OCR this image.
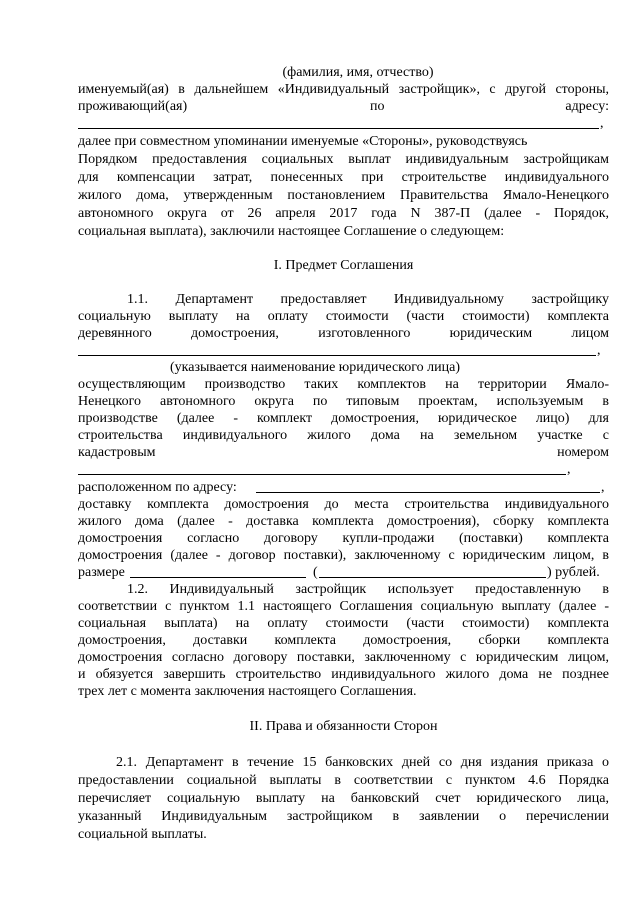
(фамилия, имя, отчество)
именуемый(ая) в дальнейшем «Индивидуальный застройщик», с другой стороны,
проживающий(ая)	по	адресу:
,
далее при совместном упоминании именуемые «Стороны», руководствуясь
Порядком предоставления социальных выплат индивидуальным застройщикам
для компенсации затрат, понесенных при строительстве индивидуального
жилого дома, утвержденным постановлением Правительства Ямало-Ненецкого
автономного округа от 26 апреля 2017 года N 387-П (далее - Порядок,
социальная выплата), заключили настоящее Соглашение о следующем:
I. Предмет Соглашения
1.1. Департамент предоставляет Индивидуальному застройщику
социальную выплату на оплату стоимости (части стоимости) комплекта
деревянного домостроения, изготовленного юридическим лицом
,
(указывается наименование юридического лица)
осуществляющим производство таких комплектов на территории Ямало-
Ненецкого автономного округа по типовым проектам, используемым в
производстве (далее - комплект домостроения, юридическое лицо) для
строительства индивидуального жилого дома на земельном участке с
кадастровым	номером
,
расположенном по адресу:	,
доставку комплекта домостроения до места строительства индивидуального
жилого дома (далее - доставка комплекта домостроения), сборку комплекта
домостроения согласно договору купли-продажи (поставки) комплекта
домостроения (далее - договор поставки), заключенному с юридическим лицом, в
размере	(	) рублей.
1.2. Индивидуальный застройщик использует предоставленную в
соответствии с пунктом 1.1 настоящего Соглашения социальную выплату (далее -
социальная выплата) на оплату стоимости (части стоимости) комплекта
домостроения, доставки комплекта домостроения, сборки комплекта
домостроения согласно договору поставки, заключенному с юридическим лицом,
и обязуется завершить строительство индивидуального жилого дома не позднее
трех лет с момента заключения настоящего Соглашения.
II. Права и обязанности Сторон
2.1. Департамент в течение 15 банковских дней со дня издания приказа о
предоставлении социальной выплаты в соответствии с пунктом 4.6 Порядка
перечисляет социальную выплату на банковский счет юридического лица,
указанный Индивидуальным застройщиком в заявлении о перечислении
социальной выплаты.
